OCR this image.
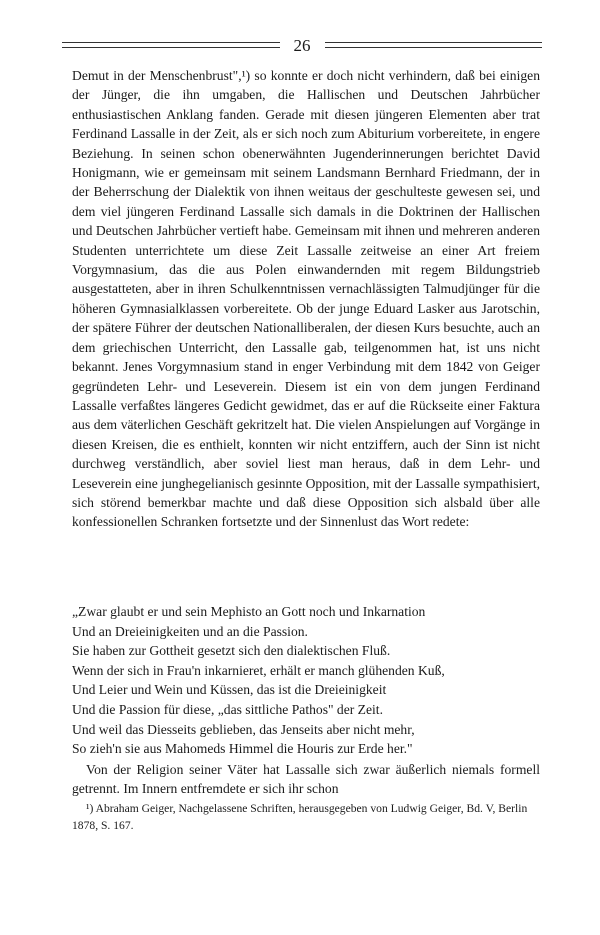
26

Demut in der Menschenbrust",¹) so konnte er doch nicht verhindern, daß bei einigen der Jünger, die ihn umgaben, die Hallischen und Deutschen Jahrbücher enthusiastischen Anklang fanden. Gerade mit diesen jüngeren Elementen aber trat Ferdinand Lassalle in der Zeit, als er sich noch zum Abiturium vorbereitete, in engere Beziehung. In seinen schon obenerwähnten Jugenderinnerungen berichtet David Honigmann, wie er gemeinsam mit seinem Landsmann Bernhard Friedmann, der in der Beherrschung der Dialektik von ihnen weitaus der geschulteste gewesen sei, und dem viel jüngeren Ferdinand Lassalle sich damals in die Doktrinen der Hallischen und Deutschen Jahrbücher vertieft habe. Gemeinsam mit ihnen und mehreren anderen Studenten unterrichtete um diese Zeit Lassalle zeitweise an einer Art freiem Vorgymnasium, das die aus Polen einwandernden mit regem Bildungstrieb ausgestatteten, aber in ihren Schulkenntnissen vernachlässigten Talmudjünger für die höheren Gymnasialklassen vorbereitete. Ob der junge Eduard Lasker aus Jarotschin, der spätere Führer der deutschen Nationalliberalen, der diesen Kurs besuchte, auch an dem griechischen Unterricht, den Lassalle gab, teilgenommen hat, ist uns nicht bekannt. Jenes Vorgymnasium stand in enger Verbindung mit dem 1842 von Geiger gegründeten Lehr- und Leseverein. Diesem ist ein von dem jungen Ferdinand Lassalle verfaßtes längeres Gedicht gewidmet, das er auf die Rückseite einer Faktura aus dem väterlichen Geschäft gekritzelt hat. Die vielen Anspielungen auf Vorgänge in diesen Kreisen, die es enthielt, konnten wir nicht entziffern, auch der Sinn ist nicht durchweg verständlich, aber soviel liest man heraus, daß in dem Lehr- und Leseverein eine junghegelianisch gesinnte Opposition, mit der Lassalle sympathisiert, sich störend bemerkbar machte und daß diese Opposition sich alsbald über alle konfessionellen Schranken fortsetzte und der Sinnenlust das Wort redete:

„Zwar glaubt er und sein Mephisto an Gott noch und Inkarnation
Und an Dreieinigkeiten und an die Passion.
Sie haben zur Gottheit gesetzt sich den dialektischen Fluß.
Wenn der sich in Frau'n inkarnieret, erhält er manch glühenden Kuß,
Und Leier und Wein und Küssen, das ist die Dreieinigkeit
Und die Passion für diese, „das sittliche Pathos" der Zeit.
Und weil das Diesseits geblieben, das Jenseits aber nicht mehr,
So zieh'n sie aus Mahomeds Himmel die Houris zur Erde her."

Von der Religion seiner Väter hat Lassalle sich zwar äußerlich niemals formell getrennt. Im Innern entfremdete er sich ihr schon

¹) Abraham Geiger, Nachgelassene Schriften, herausgegeben von Ludwig Geiger, Bd. V, Berlin 1878, S. 167.
